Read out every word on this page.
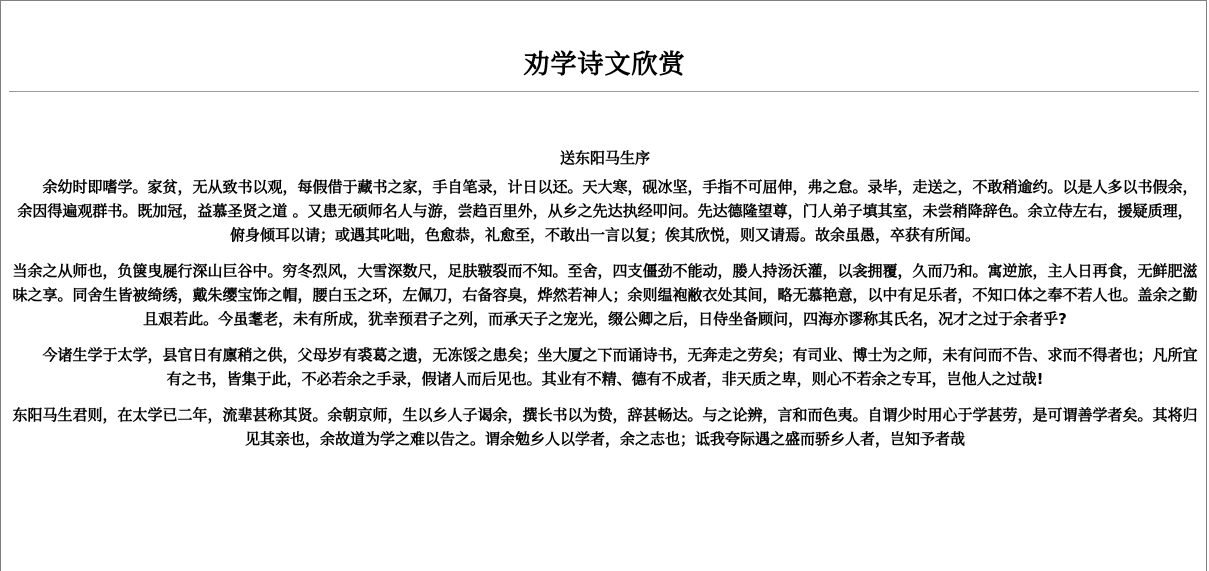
劝学诗文欣赏
送东阳马生序

余幼时即嗜学。家贫，无从致书以观，每假借于藏书之家，手自笔录，计日以还。天大寒，砚冰坚，手指不可屈伸，弗之怠。录毕，走送之，不敢稍逾约。以是人多以书假余，余因得遍观群书。既加冠，益慕圣贤之道 。又患无硕师名人与游，尝趋百里外，从乡之先达执经叩问。先达德隆望尊，门人弟子填其室，未尝稍降辞色。余立侍左右，援疑质理，俯身倾耳以请；或遇其叱咄，色愈恭，礼愈至，不敢出一言以复；俟其欣悦，则又请焉。故余虽愚，卒获有所闻。

当余之从师也，负箧曳屣行深山巨谷中。穷冬烈风，大雪深数尺，足肤皲裂而不知。至舍，四支僵劲不能动，媵人持汤沃灌，以衾拥覆，久而乃和。寓逆旅，主人日再食，无鲜肥滋味之享。同舍生皆被绮绣，戴朱缨宝饰之帽，腰白玉之环，左佩刀，右备容臭，烨然若神人；余则缊袍敝衣处其间，略无慕艳意，以中有足乐者，不知口体之奉不若人也。盖余之勤且艰若此。今虽耄老，未有所成，犹幸预君子之列，而承天子之宠光，缀公卿之后，日侍坐备顾问，四海亦谬称其氏名，况才之过于余者乎?

今诸生学于太学，县官日有廪稍之供，父母岁有裘葛之遗，无冻馁之患矣；坐大厦之下而诵诗书，无奔走之劳矣；有司业、博士为之师，未有问而不告、求而不得者也；凡所宜有之书，皆集于此，不必若余之手录，假诸人而后见也。其业有不精、德有不成者，非天质之卑，则心不若余之专耳，岂他人之过哉!

东阳马生君则，在太学已二年，流辈甚称其贤。余朝京师，生以乡人子谒余，撰长书以为贽，辞甚畅达。与之论辨，言和而色夷。自谓少时用心于学甚劳，是可谓善学者矣。其将归见其亲也，余故道为学之难以告之。谓余勉乡人以学者，余之志也；诋我夸际遇之盛而骄乡人者，岂知予者哉
